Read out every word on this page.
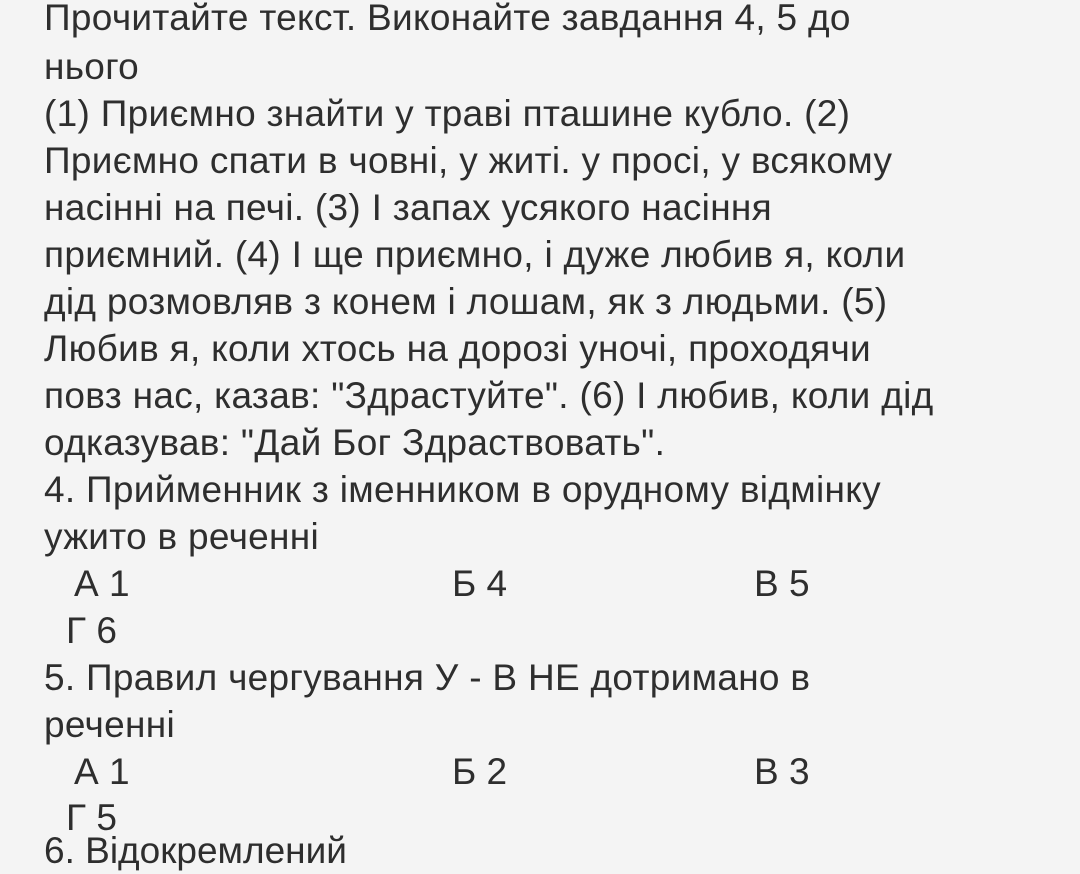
Прочитайте текст. Виконайте завдання 4, 5 до
нього
(1) Приємно знайти у траві пташине кубло. (2)
Приємно спати в човні, у житі. у просі, у всякому
насінні на печі. (3) І запах усякого насіння
приємний. (4) І ще приємно, і дуже любив я, коли
дід розмовляв з конем і лошам, як з людьми. (5)
Любив я, коли хтось на дорозі уночі, проходячи
повз нас, казав: "Здрастуйте". (6) І любив, коли дід
одказував: "Дай Бог Здраствовать".
4. Прийменник з іменником в орудному відмінку
ужито в реченні
А 1	Б 4	В 5
Г 6
5. Правил чергування У - В НЕ дотримано в
реченні
А 1	Б 2	В 3
Г 5
6. Відокремлений
